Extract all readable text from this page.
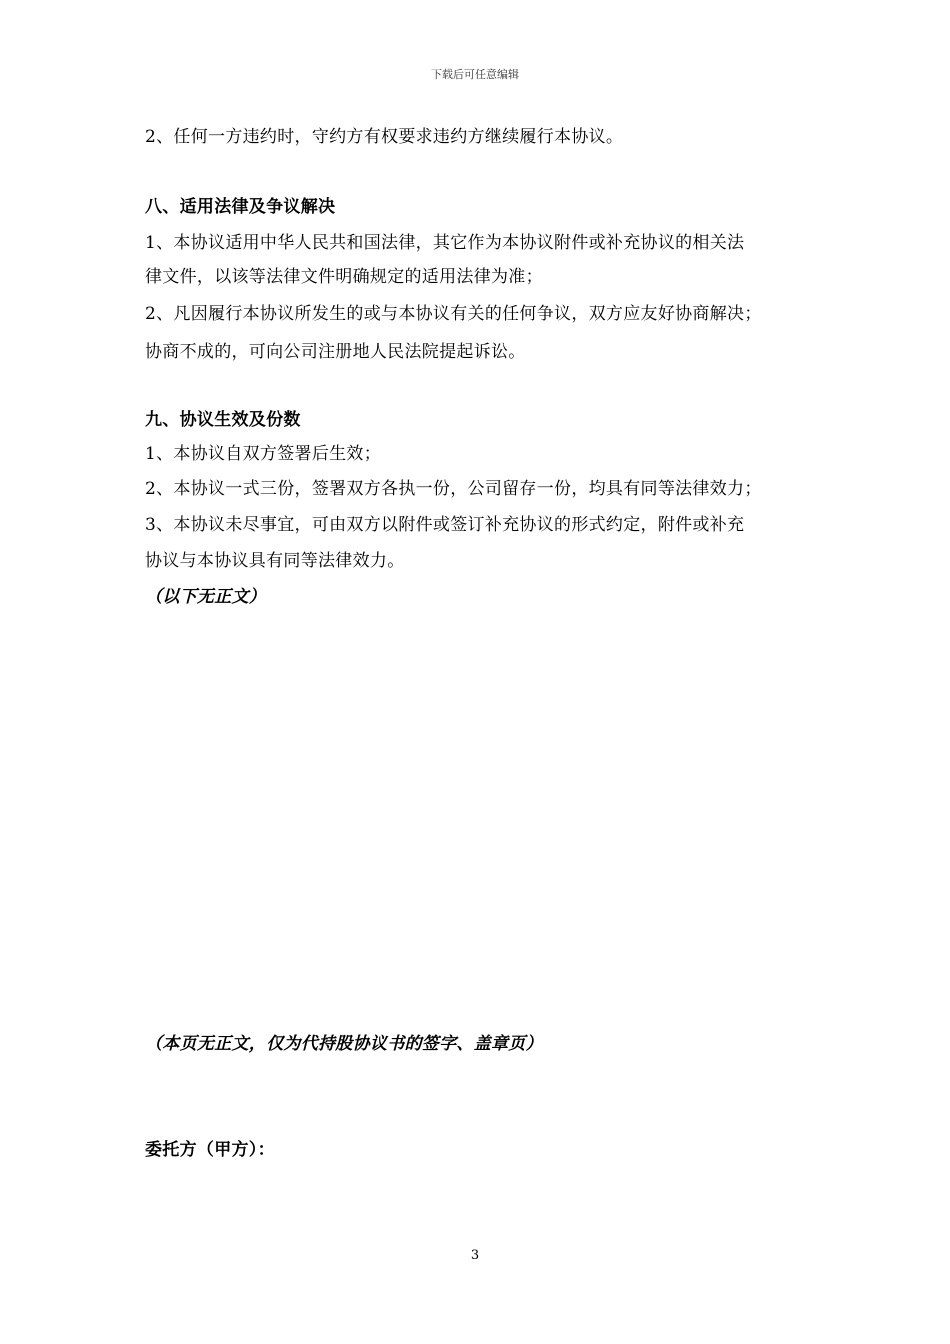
下载后可任意编辑
2、任何一方违约时，守约方有权要求违约方继续履行本协议。
八、适用法律及争议解决
1、本协议适用中华人民共和国法律，其它作为本协议附件或补充协议的相关法
律文件，以该等法律文件明确规定的适用法律为准；
2、凡因履行本协议所发生的或与本协议有关的任何争议，双方应友好协商解决；
协商不成的，可向公司注册地人民法院提起诉讼。
九、协议生效及份数
1、本协议自双方签署后生效；
2、本协议一式三份，签署双方各执一份，公司留存一份，均具有同等法律效力；
3、本协议未尽事宜，可由双方以附件或签订补充协议的形式约定，附件或补充
协议与本协议具有同等法律效力。
（以下无正文）
（本页无正文，仅为代持股协议书的签字、盖章页）
委托方（甲方）：
3
